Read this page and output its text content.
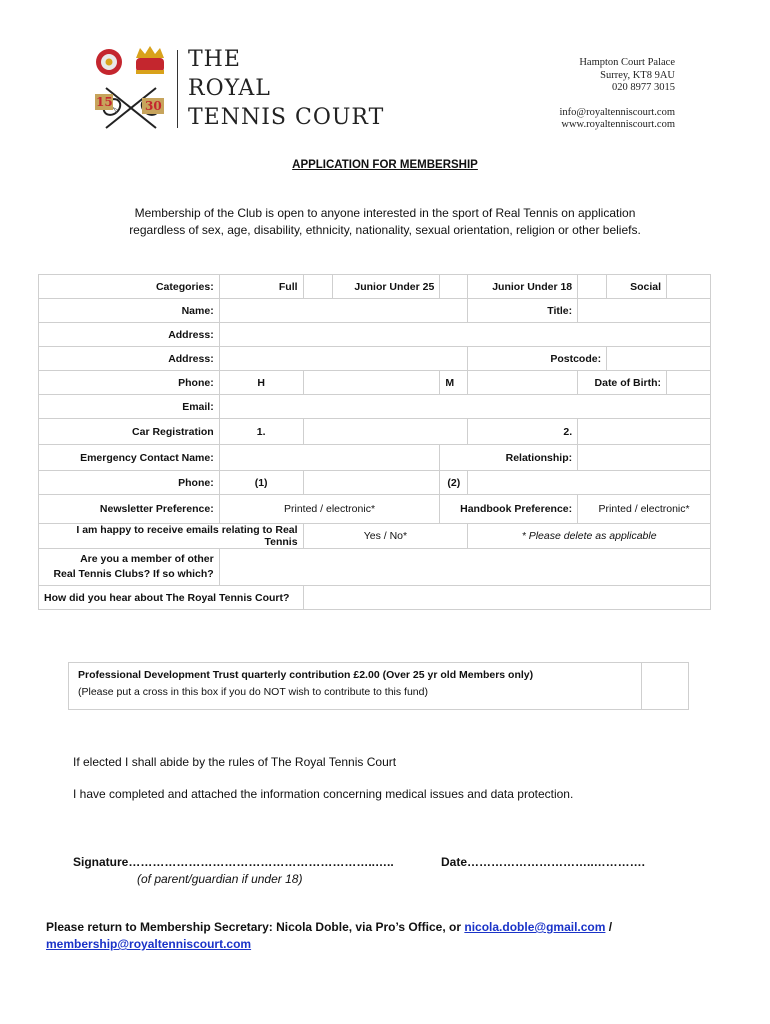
15	30
THE
ROYAL
TENNIS COURT
Hampton Court Palace
Surrey, KT8 9AU
020 8977 3015
info@royaltenniscourt.com
www.royaltenniscourt.com
APPLICATION FOR MEMBERSHIP
Membership of the Club is open to anyone interested in the sport of Real Tennis on application
regardless of sex, age, disability, ethnicity, nationality, sexual orientation, religion or other beliefs.
Categories:	Full		Junior Under 25		Junior Under 18		Social	
Name:					Title:			
Address:								
Address:					Postcode:			
Phone:	H			M		Date of Birth:		
Email:								
Car Registration	1.				2.			
Emergency Contact Name:				Relationship:				
Phone:	(1)			(2)				
Newsletter Preference:	Printed / electronic*			Handbook Preference:		Printed / electronic*		
I am happy to receive emails relating to Real Tennis		Yes / No*			* Please delete as applicable			

Are you a member of other
Real Tennis Clubs? If so which?								

How did you hear about The Royal Tennis Court?								
Professional Development Trust quarterly contribution £2.00 (Over 25 yr old Members only)
(Please put a cross in this box if you do NOT wish to contribute to this fund)
If elected I shall abide by the rules of The Royal Tennis Court
I have completed and attached the information concerning medical issues and data protection.
Signature……………………………………………………..…..
(of parent/guardian if under 18)
Date…………………………..………….
Please return to Membership Secretary: Nicola Doble, via Pro’s Office, or nicola.doble@gmail.com /
membership@royaltenniscourt.com
